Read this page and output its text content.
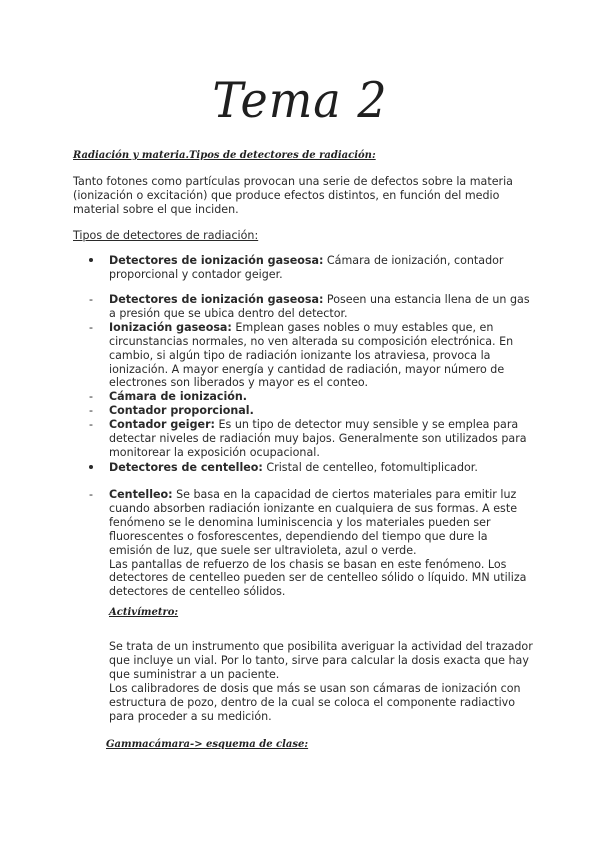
Tema 2
Radiación y materia.Tipos de detectores de radiación:

Tanto fotones como partículas provocan una serie de defectos sobre la materia (ionización o excitación) que produce efectos distintos, en función del medio material sobre el que inciden.

Tipos de detectores de radiación:
Detectores de ionización gaseosa: Cámara de ionización, contador proporcional y contador geiger.
-	Detectores de ionización gaseosa: Poseen una estancia llena de un gas a presión que se ubica dentro del detector.
-	Ionización gaseosa: Emplean gases nobles o muy estables que, en circunstancias normales, no ven alterada su composición electrónica. En cambio, si algún tipo de radiación ionizante los atraviesa, provoca la ionización. A mayor energía y cantidad de radiación, mayor número de electrones son liberados y mayor es el conteo.
-	Cámara de ionización.
-	Contador proporcional.
-	Contador geiger: Es un tipo de detector muy sensible y se emplea para detectar niveles de radiación muy bajos. Generalmente son utilizados para monitorear la exposición ocupacional.
Detectores de centelleo: Cristal de centelleo, fotomultiplicador.
-	Centelleo: Se basa en la capacidad de ciertos materiales para emitir luz cuando absorben radiación ionizante en cualquiera de sus formas. A este fenómeno se le denomina luminiscencia y los materiales pueden ser fluorescentes o fosforescentes, dependiendo del tiempo que dure la emisión de luz, que suele ser ultravioleta, azul o verde.
Las pantallas de refuerzo de los chasis se basan en este fenómeno. Los detectores de centelleo pueden ser de centelleo sólido o líquido. MN utiliza detectores de centelleo sólidos.
Activímetro:
Se trata de un instrumento que posibilita averiguar la actividad del trazador que incluye un vial. Por lo tanto, sirve para calcular la dosis exacta que hay que suministrar a un paciente.
Los calibradores de dosis que más se usan son cámaras de ionización con estructura de pozo, dentro de la cual se coloca el componente radiactivo para proceder a su medición.
Gammacámara-> esquema de clase:
